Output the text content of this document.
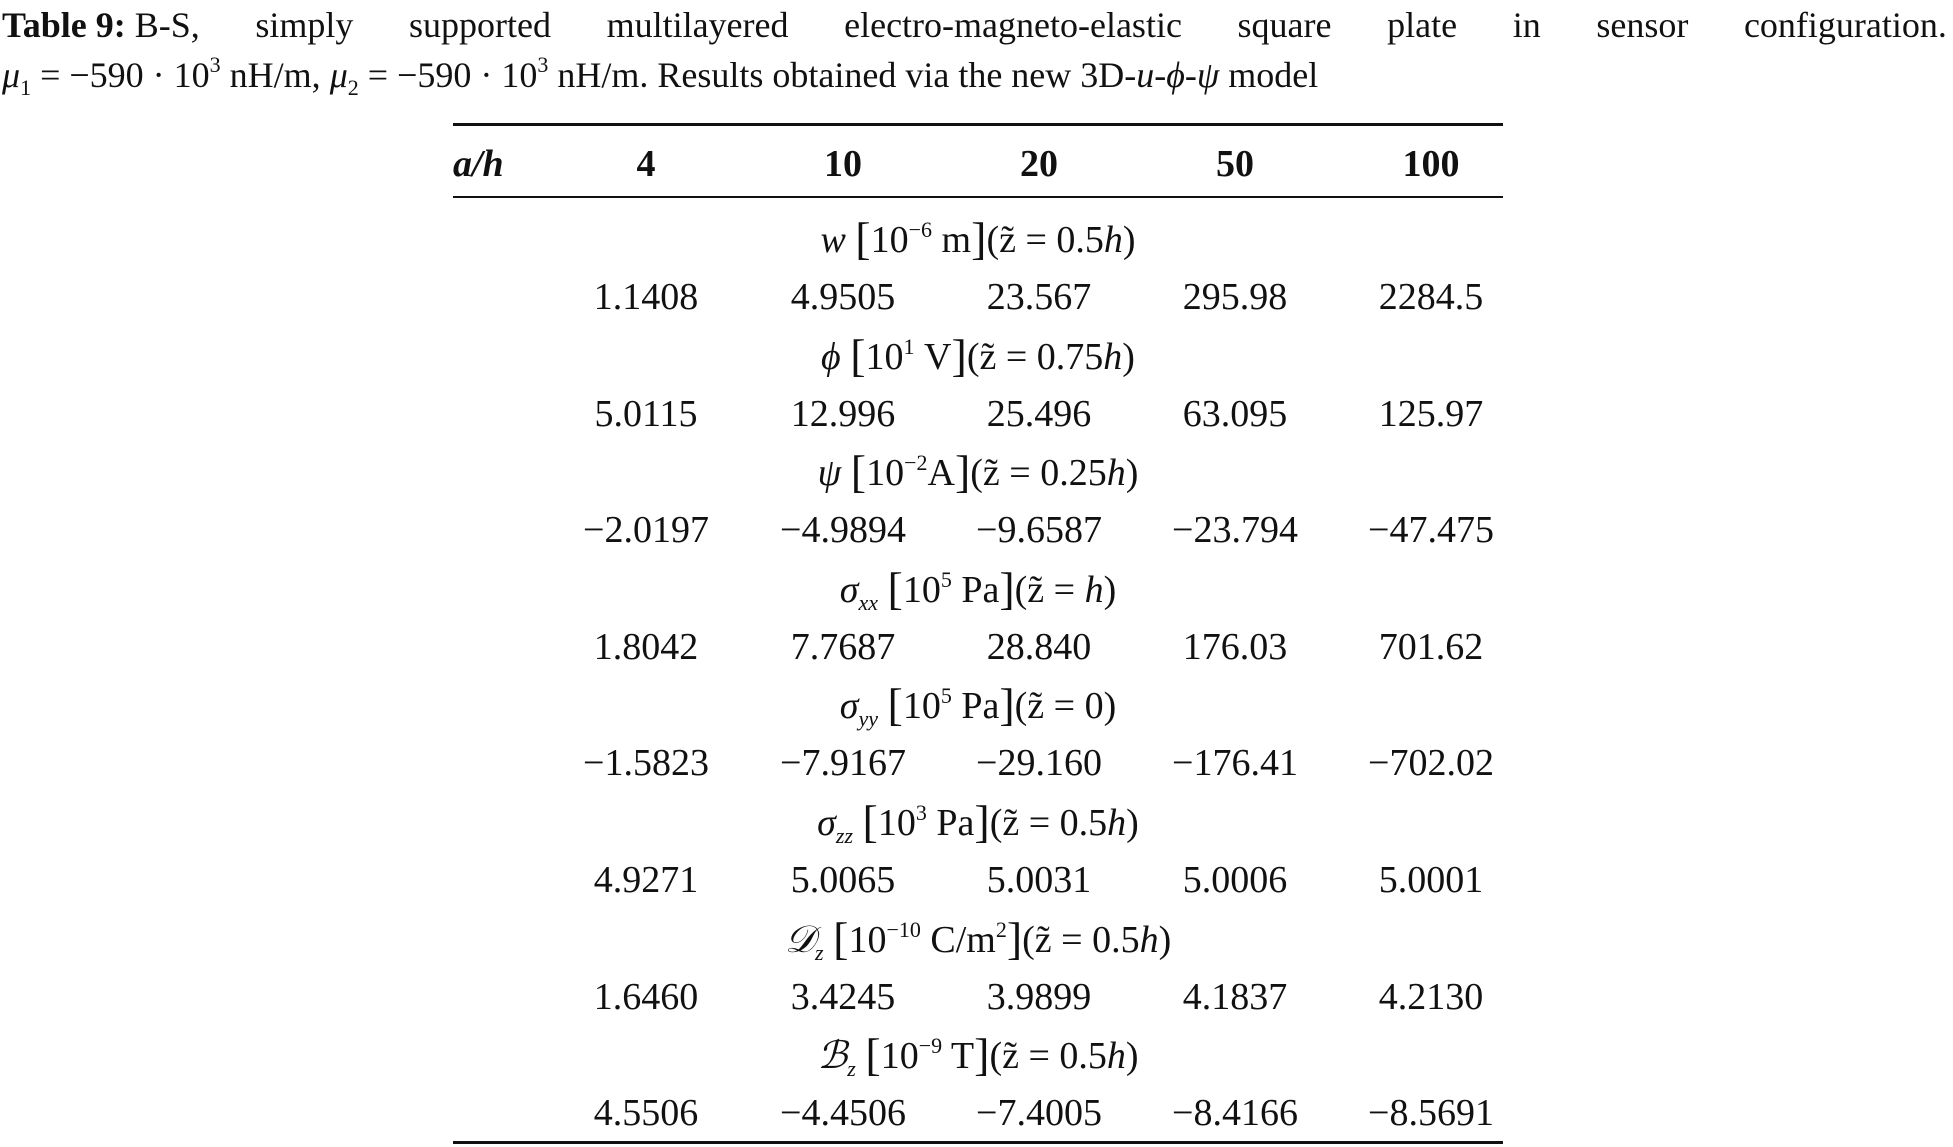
Table 9: B-S, simply supported multilayered electro-magneto-elastic square plate in sensor configuration.
$\mu_1 = -590 \cdot 10^3$ nH/m, $\mu_2 = -590 \cdot 10^3$ nH/m. Results obtained via the new 3D-u-ϕ-ψ model
a/h	4	10	20	50	100
w [$10^{-6}$ m](z̃ = 0.5h)
1.1408	4.9505	23.567	295.98	2284.5
ϕ [$10^1$ V](z̃ = 0.75h)
5.0115	12.996	25.496	63.095	125.97
ψ $[10^{-2}A](z̃ = 0.25h)$
−2.0197	−4.9894	−9.6587	−23.794	−47.475
$\sigma_{xx}$ [$10^5$ Pa](z̃ = h)
1.8042	7.7687	28.840	176.03	701.62
$\sigma_{yy}$ [$10^5$ Pa](z̃ = 0)
−1.5823	−7.9167	−29.160	−176.41	−702.02
$\sigma_{zz}$ [$10^3$ Pa](z̃ = 0.5h)
4.9271	5.0065	5.0031	5.0006	5.0001
𝒟$_z$ [$10^{-10}$ $C/m^2](z̃ = 0.5h)$
1.6460	3.4245	3.9899	4.1837	4.2130
ℬ$_z$ [$10^{-9}$ T](z̃ = 0.5h)
4.5506	−4.4506	−7.4005	−8.4166	−8.5691
